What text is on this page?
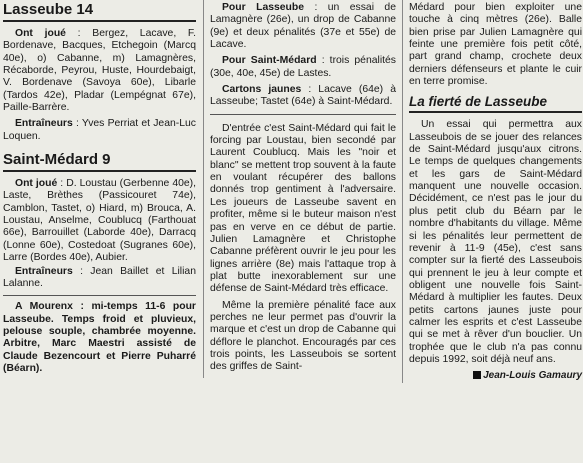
Lasseube 14

Ont joué : Bergez, Lacave, F. Bordenave, Bacques, Etchegoin (Marcq 40e), o) Cabanne, m) Lamagnères, Récaborde, Peyrou, Huste, Hourdebaigt, V. Bordenave (Savoya 60e), Libarle (Tardos 42e), Pladar (Lempégnat 67e), Paille-Barrère.

Entraîneurs : Yves Perriat et Jean-Luc Loquen.

Saint-Médard 9

Ont joué : D. Loustau (Gerbenne 40e), Laste, Brèthes (Passicouret 74e), Camblon, Tastet, o) Hiard, m) Brouca, A. Loustau, Anselme, Coublucq (Farthouat 66e), Barrouillet (Laborde 40e), Darracq (Lonne 60e), Costedoat (Sugranes 60e), Larre (Bordes 40e), Aubier.

Entraîneurs : Jean Baillet et Lilian Lalanne.

A Mourenx : mi-temps 11-6 pour Lasseube. Temps froid et pluvieux, pelouse souple, chambrée moyenne. Arbitre, Marc Maestri assisté de Claude Bezencourt et Pierre Puharré (Béarn).

Pour Lasseube : un essai de Lamagnère (26e), un drop de Cabanne (9e) et deux pénalités (37e et 55e) de Lacave.

Pour Saint-Médard : trois pénalités (30e, 40e, 45e) de Lastes.

Cartons jaunes : Lacave (64e) à Lasseube; Tastet (64e) à Saint-Médard.

D'entrée c'est Saint-Médard qui fait le forcing par Loustau, bien secondé par Laurent Coublucq. Mais les "noir et blanc" se mettent trop souvent à la faute en voulant récupérer des ballons donnés trop gentiment à l'adversaire. Les joueurs de Lasseube savent en profiter, même si le buteur maison n'est pas en verve en ce début de partie. Julien Lamagnère et Christophe Cabanne préfèrent ouvrir le jeu pour les lignes arrière (8e) mais l'attaque trop à plat butte inexorablement sur une défense de Saint-Médard très efficace.

Même la première pénalité face aux perches ne leur permet pas d'ouvrir la marque et c'est un drop de Cabanne qui déflore le planchot. Encouragés par ces trois points, les Lasseubois se sortent des griffes de Saint-

Médard pour bien exploiter une touche à cinq mètres (26e). Balle bien prise par Julien Lamagnère qui feinte une première fois petit côté, part grand champ, crochete deux derniers défenseurs et plante le cuir en terre promise.

La fierté de Lasseube

Un essai qui permettra aux Lasseubois de se jouer des relances de Saint-Médard jusqu'aux citrons. Le temps de quelques changements et les gars de Saint-Médard manquent une nouvelle occasion. Décidément, ce n'est pas le jour du plus petit club du Béarn par le nombre d'habitants du village. Même si les pénalités leur permettent de revenir à 11-9 (45e), c'est sans compter sur la fierté des Lasseubois qui prennent le jeu à leur compte et obligent une nouvelle fois Saint-Médard à multiplier les fautes. Deux petits cartons jaunes juste pour calmer les esprits et c'est Lasseube qui se met à rêver d'un bouclier. Un trophée que le club n'a pas connu depuis 1992, soit déjà neuf ans.

Jean-Louis Gamaury
